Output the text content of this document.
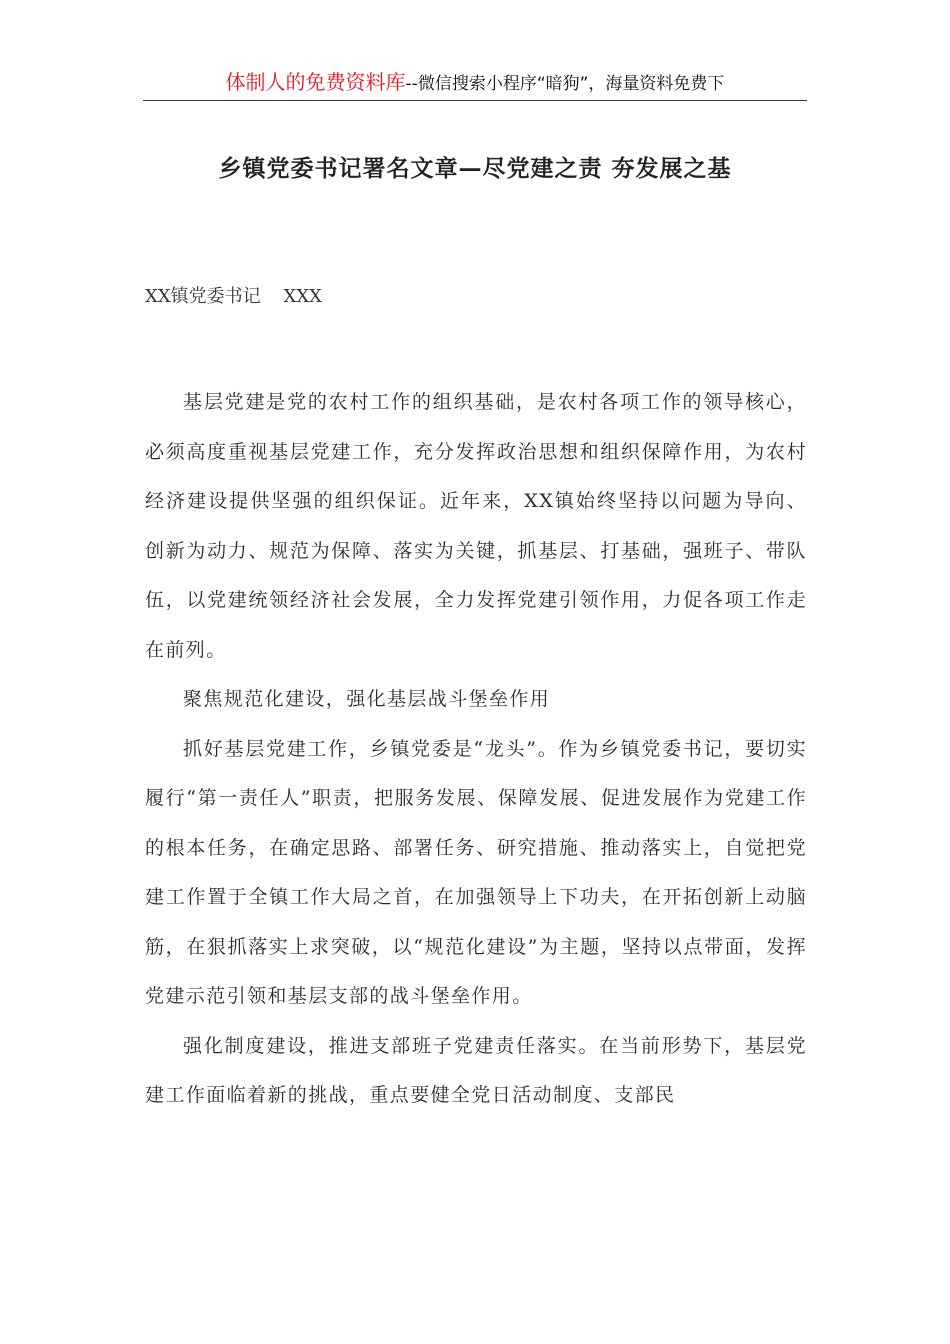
体制人的免费资料库--微信搜索小程序“暗狗”，海量资料免费下
乡镇党委书记署名文章—尽党建之责 夯发展之基
XX镇党委书记    XXX

基层党建是党的农村工作的组织基础，是农村各项工作的领导核心，必须高度重视基层党建工作，充分发挥政治思想和组织保障作用，为农村经济建设提供坚强的组织保证。近年来，XX镇始终坚持以问题为导向、创新为动力、规范为保障、落实为关键，抓基层、打基础，强班子、带队伍，以党建统领经济社会发展，全力发挥党建引领作用，力促各项工作走在前列。

聚焦规范化建设，强化基层战斗堡垒作用

抓好基层党建工作，乡镇党委是“龙头”。作为乡镇党委书记，要切实履行“第一责任人”职责，把服务发展、保障发展、促进发展作为党建工作的根本任务，在确定思路、部署任务、研究措施、推动落实上，自觉把党建工作置于全镇工作大局之首，在加强领导上下功夫，在开拓创新上动脑筋，在狠抓落实上求突破，以“规范化建设”为主题，坚持以点带面，发挥党建示范引领和基层支部的战斗堡垒作用。

强化制度建设，推进支部班子党建责任落实。在当前形势下，基层党建工作面临着新的挑战，重点要健全党日活动制度、支部民
